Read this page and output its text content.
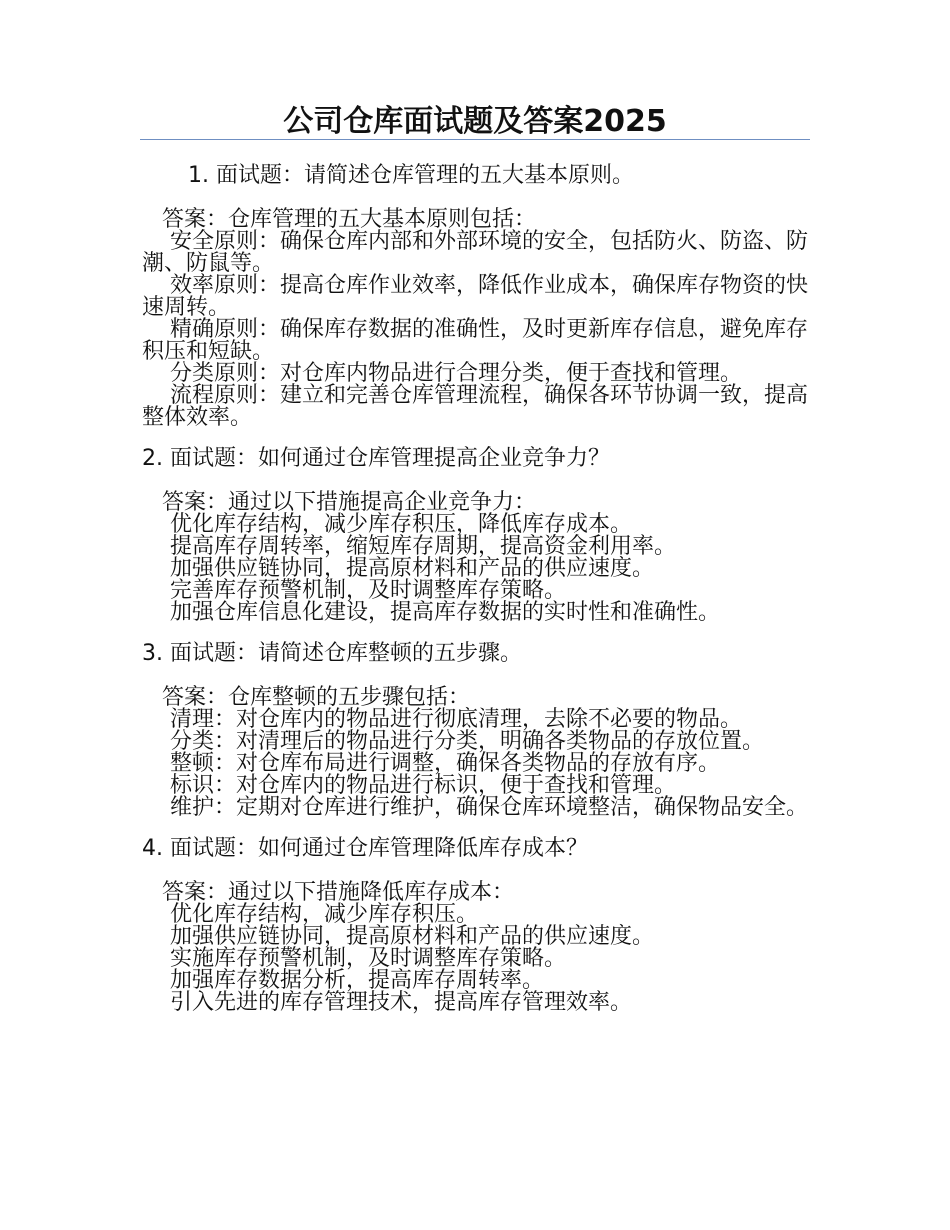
公司仓库面试题及答案2025

1. 面试题：请简述仓库管理的五大基本原则。

答案：仓库管理的五大基本原则包括：

安全原则：确保仓库内部和外部环境的安全，包括防火、防盗、防潮、防鼠等。

效率原则：提高仓库作业效率，降低作业成本，确保库存物资的快速周转。

精确原则：确保库存数据的准确性，及时更新库存信息，避免库存积压和短缺。

分类原则：对仓库内物品进行合理分类，便于查找和管理。

流程原则：建立和完善仓库管理流程，确保各环节协调一致，提高整体效率。

2. 面试题：如何通过仓库管理提高企业竞争力？

答案：通过以下措施提高企业竞争力：

优化库存结构，减少库存积压，降低库存成本。

提高库存周转率，缩短库存周期，提高资金利用率。

加强供应链协同，提高原材料和产品的供应速度。

完善库存预警机制，及时调整库存策略。

加强仓库信息化建设，提高库存数据的实时性和准确性。

3. 面试题：请简述仓库整顿的五步骤。

答案：仓库整顿的五步骤包括：

清理：对仓库内的物品进行彻底清理，去除不必要的物品。

分类：对清理后的物品进行分类，明确各类物品的存放位置。

整顿：对仓库布局进行调整，确保各类物品的存放有序。

标识：对仓库内的物品进行标识，便于查找和管理。

维护：定期对仓库进行维护，确保仓库环境整洁，确保物品安全。

4. 面试题：如何通过仓库管理降低库存成本？

答案：通过以下措施降低库存成本：

优化库存结构，减少库存积压。

加强供应链协同，提高原材料和产品的供应速度。

实施库存预警机制，及时调整库存策略。

加强库存数据分析，提高库存周转率。

引入先进的库存管理技术，提高库存管理效率。
